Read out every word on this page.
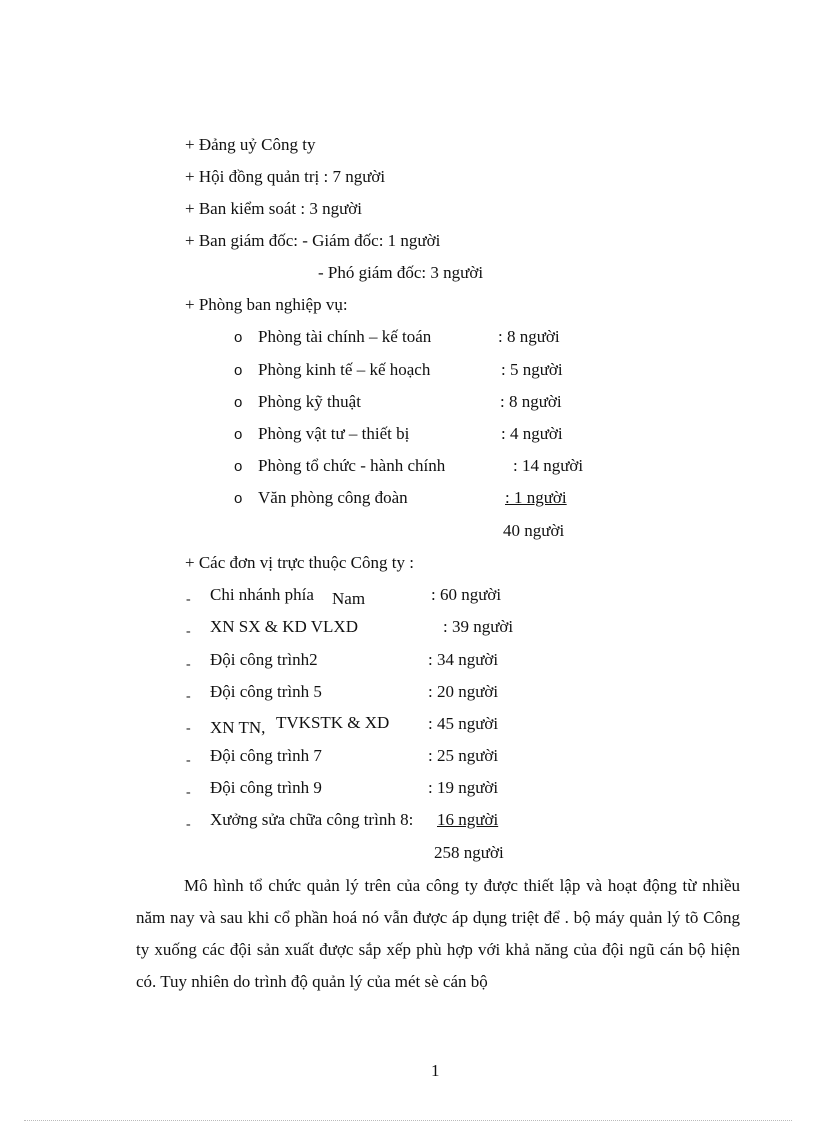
+ Đảng uỷ Công ty
+ Hội đồng quản trị : 7 người
+ Ban kiểm soát : 3 người
+ Ban giám đốc: - Giám đốc: 1 người
- Phó giám đốc: 3 người
+ Phòng ban nghiệp vụ:
o Phòng tài chính – kế toán	: 8 người
o Phòng kinh tế – kế hoạch	: 5 người
o Phòng kỹ thuật	: 8 người
o Phòng vật tư – thiết bị	: 4 người
o Phòng tổ chức - hành chính	: 14 người
o Văn phòng công đoàn	: 1 người
40 người
+ Các đơn vị trực thuộc Công ty :
- Chi nhánh phía Nam	: 60 người
- XN SX & KD VLXD	: 39 người
- Đội công trình2	: 34 người
- Đội công trình 5	: 20 người
- XN TN, TVKSTK & XD : 45 người
- Đội công trình 7	: 25 người
- Đội công trình 9	: 19 người
- Xưởng sửa chữa công trình 8: 16 người
258 người

Mô hình tổ chức quản lý trên của công ty được thiết lập và hoạt động từ nhiều năm nay và sau khi cổ phần hoá nó vẫn được áp dụng triệt để . bộ máy quản lý tõ Công ty xuống các đội sản xuất được sắp xếp phù hợp với khả năng của đội ngũ cán bộ hiện có. Tuy nhiên do trình độ quản lý của mét sè cán bộ

1
